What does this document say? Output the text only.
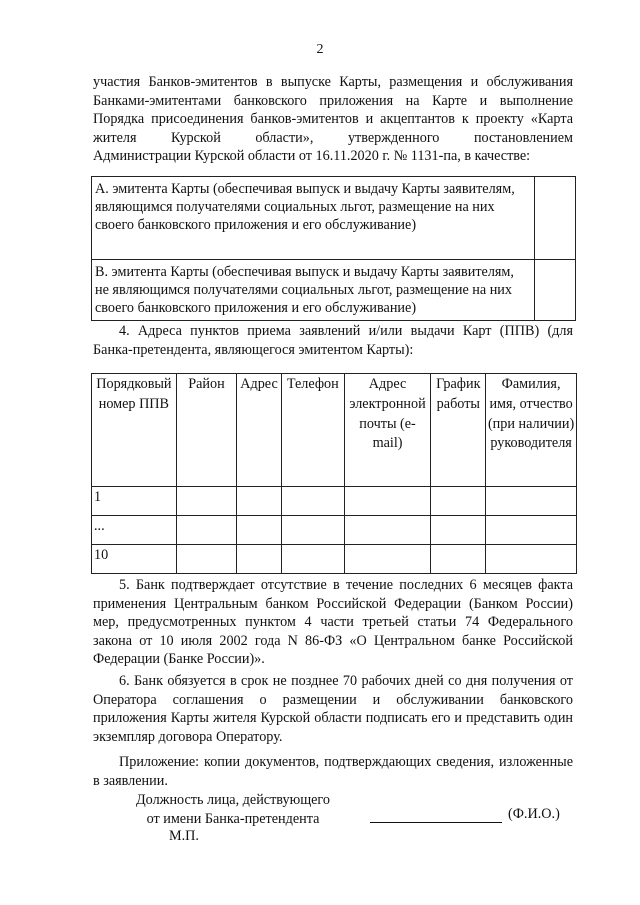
2
участия Банков-эмитентов в выпуске Карты, размещения и обслуживания
Банками-эмитентами банковского приложения на Карте и выполнение
Порядка присоединения банков-эмитентов и акцептантов к проекту «Карта
жителя      Курской      области»,      утвержденного      постановлением
Администрации Курской области от 16.11.2020 г. № 1131-па, в качестве:
А. эмитента Карты (обеспечивая выпуск и выдачу Карты заявителям, являющимся получателями социальных льгот, размещение на них своего банковского приложения и его обслуживание)	
В. эмитента Карты (обеспечивая выпуск и выдачу Карты заявителям, не являющимся получателями социальных льгот, размещение на них своего банковского приложения и его обслуживание)	

4. Адреса пунктов приема заявлений и/или выдачи Карт (ППВ) (для Банка-претендента, являющегося эмитентом Карты):

Порядковый номер ППВ	Район	Адрес	Телефон	Адрес электронной почты (e-mail)	График работы	Фамилия, имя, отчество (при наличии) руководителя
1						
...						
10						

5. Банк подтверждает отсутствие в течение последних 6 месяцев факта применения Центральным банком Российской Федерации (Банком России) мер, предусмотренных пунктом 4 части третьей статьи 74 Федерального закона от 10 июля 2002 года N 86-ФЗ «О Центральном банке Российской Федерации (Банке России)».

6. Банк обязуется в срок не позднее 70 рабочих дней со дня получения от Оператора соглашения о размещении и обслуживании банковского приложения Карты жителя Курской области подписать его и представить один экземпляр договора Оператору.

Приложение: копии документов, подтверждающих сведения, изложенные в заявлении.

Должность лица, действующего
от имени Банка-претендента	(Ф.И.О.)
М.П.
